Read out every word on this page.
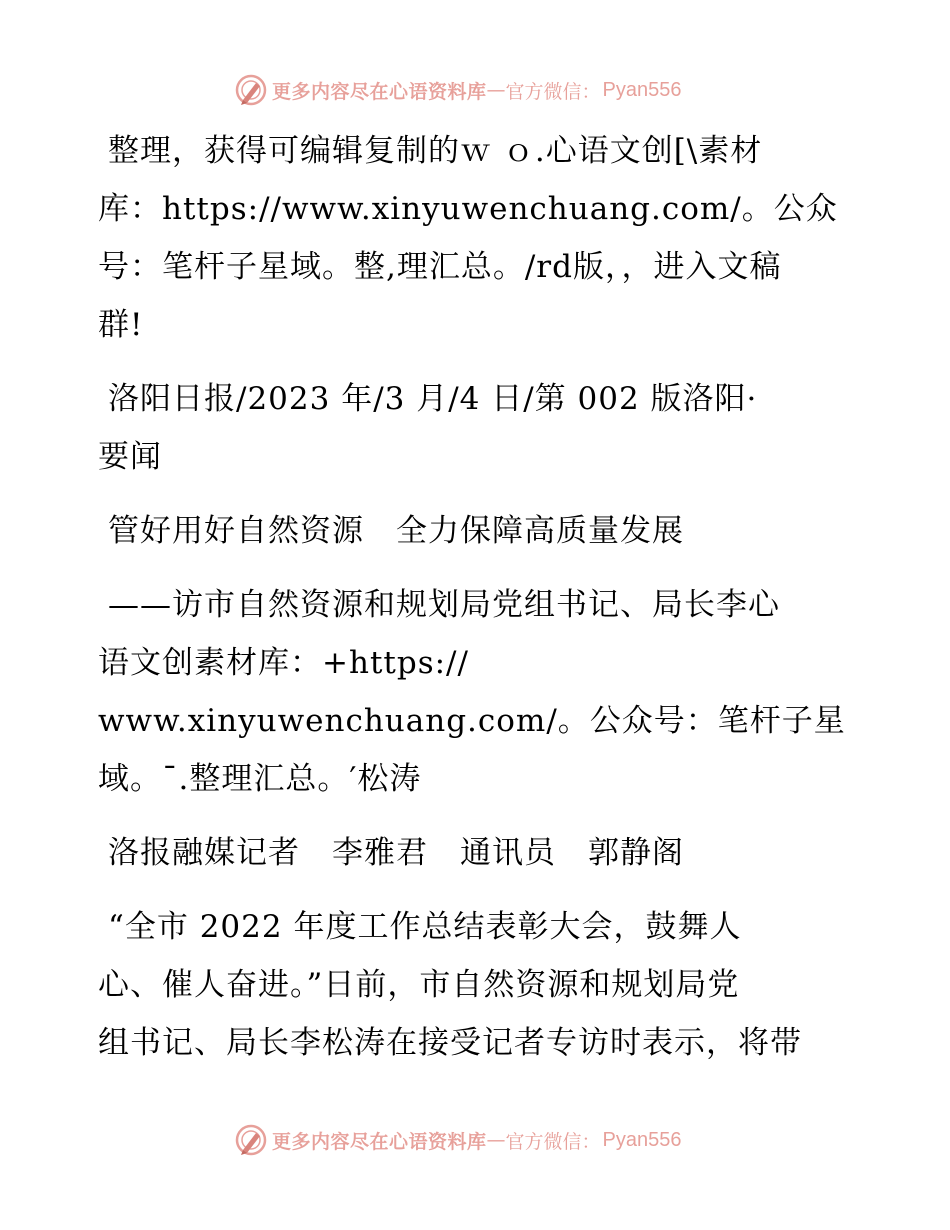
更多内容尽在心语资料库 — 官方微信： Pyan556
整理，获得可编辑复制的ｗ ｏ.心语文创[\素材
库：https://www.xinyuwenchuang.com/。公众
号：笔杆子星域。整,理汇总。/rd版，，进入文稿
群!
洛阳日报/2023 年/3 月/4 日/第 002 版洛阳·
要闻
管好用好自然资源　全力保障高质量发展
——访市自然资源和规划局党组书记、局长李心
语文创素材库：+https://
www.xinyuwenchuang.com/。公众号：笔杆子星
域。¯.整理汇总。′松涛
洛报融媒记者　李雅君　通讯员　郭静阁
“全市 2022 年度工作总结表彰大会，鼓舞人
心、催人奋进。”日前，市自然资源和规划局党
组书记、局长李松涛在接受记者专访时表示，将带
更多内容尽在心语资料库 — 官方微信： Pyan556
